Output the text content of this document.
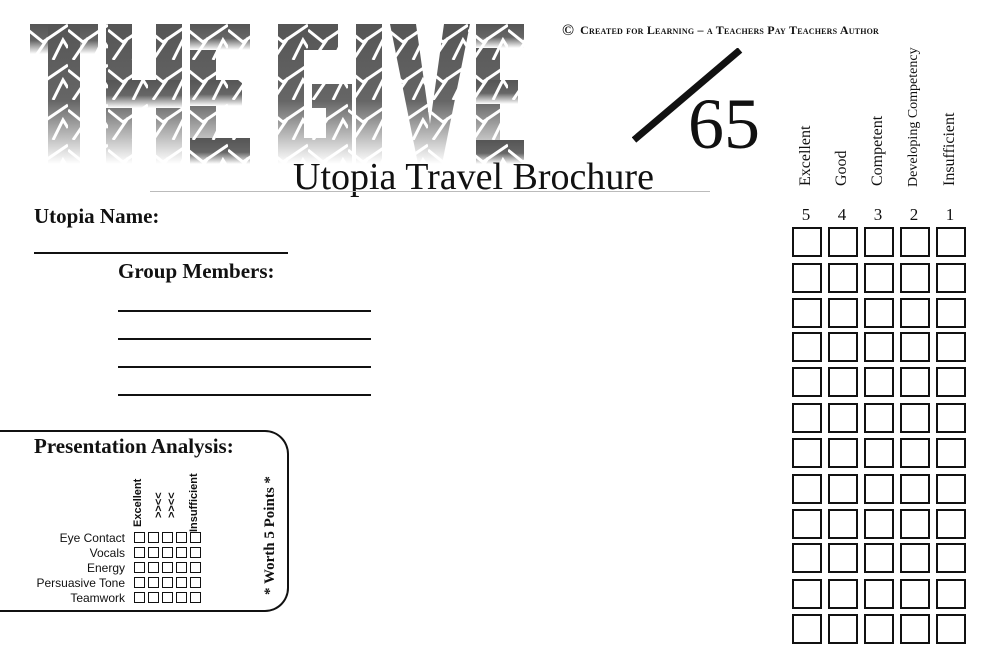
© Created for Learning – a Teachers Pay Teachers Author
65
Utopia Travel Brochure
Utopia Name:
Group Members:
Excellent
5
Good
4
Competent
3
Developing Competency
2
Insufficient
1
Presentation Analysis:
* Worth 5 Points *
Excellent >><< >><< Insufficient
Eye Contact
Vocals
Energy
Persuasive Tone
Teamwork
